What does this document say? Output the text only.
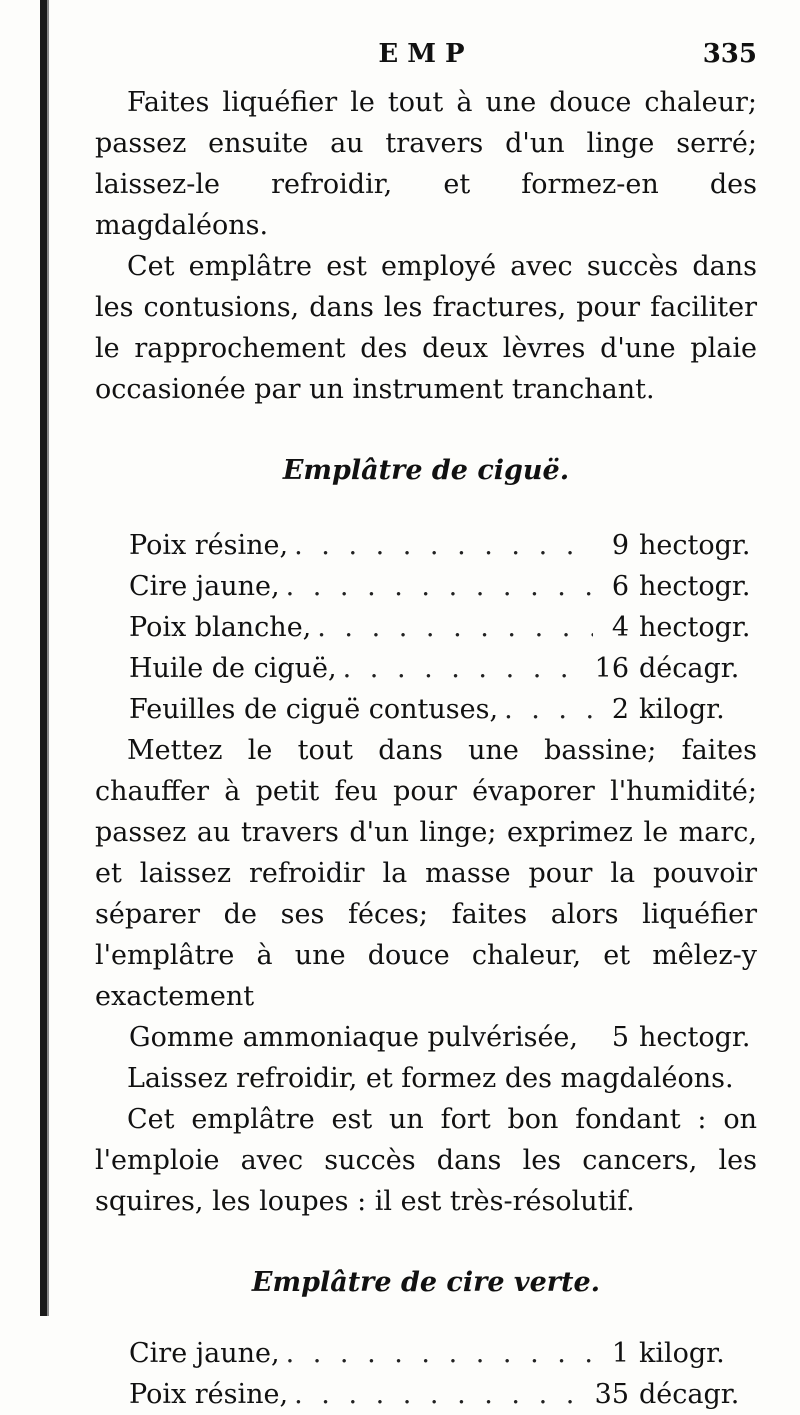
EMP	335

Faites liquéfier le tout à une douce chaleur; passez ensuite au travers d'un linge serré; laissez-le refroidir, et formez-en des magdaléons.

Cet emplâtre est employé avec succès dans les contusions, dans les fractures, pour faciliter le rapprochement des deux lèvres d'une plaie occasionée par un instrument tranchant.

Emplâtre de ciguë.

Poix résine, . . .	9 hectogr.
Cire jaune, . . .	6 hectogr.
Poix blanche, . . .	4 hectogr.
Huile de ciguë, . . .	16 décagr.
Feuilles de ciguë contuses, . . .	2 kilogr.

Mettez le tout dans une bassine; faites chauffer à petit feu pour évaporer l'humidité; passez au travers d'un linge; exprimez le marc, et laissez refroidir la masse pour la pouvoir séparer de ses féces; faites alors liquéfier l'emplâtre à une douce chaleur, et mêlez-y exactement

Gomme ammoniaque pulvérisée,	5 hectogr.

Laissez refroidir, et formez des magdaléons.

Cet emplâtre est un fort bon fondant : on l'emploie avec succès dans les cancers, les squires, les loupes : il est très-résolutif.

Emplâtre de cire verte.

Cire jaune, . . .	1 kilogr.
Poix résine, . . .	35 décagr.
